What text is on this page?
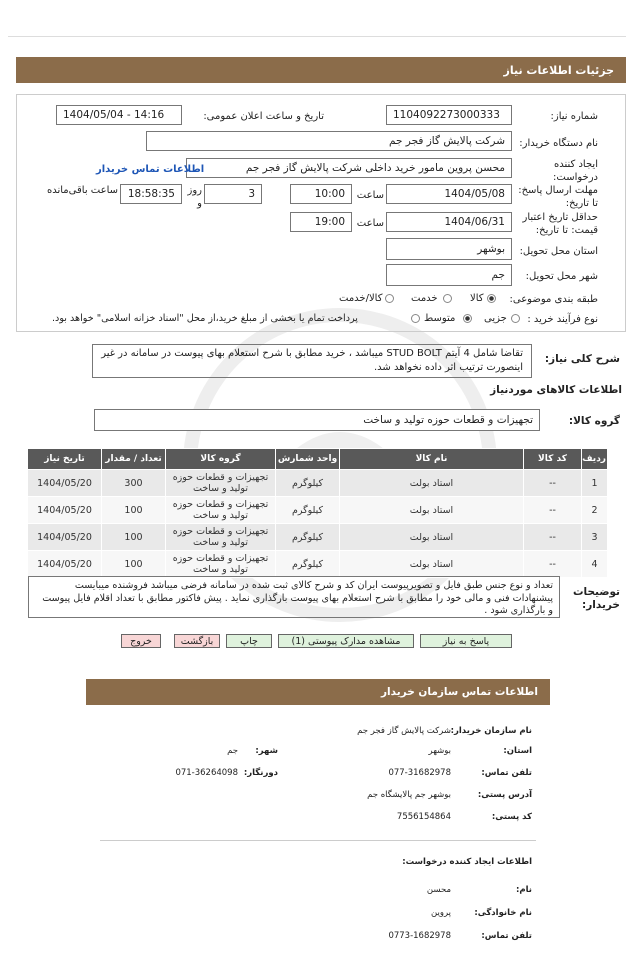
جزئیات اطلاعات نیاز
شماره نیاز:
1104092273000333
تاریخ و ساعت اعلان عمومی:
1404/05/04 - 14:16
نام دستگاه خریدار:
شرکت پالایش گاز فجر جم
ایجاد کننده درخواست:
محسن پروین مامور خرید داخلی شرکت پالایش گاز فجر جم
اطلاعات تماس خریدار
مهلت ارسال پاسخ: تا تاریخ:
1404/05/08
ساعت
10:00
3
روز و
18:58:35
ساعت باقی‌مانده
حداقل تاریخ اعتبار قیمت: تا تاریخ:
1404/06/31
ساعت
19:00
استان محل تحویل:
بوشهر
شهر محل تحویل:
جم
طبقه بندی موضوعی:
کالا
خدمت
کالا/خدمت
نوع فرآیند خرید :
جزیی
متوسط
پرداخت تمام یا بخشی از مبلغ خرید،از محل "اسناد خزانه اسلامی" خواهد بود.
شرح کلی نیاز:
تقاضا شامل 4 آیتم STUD BOLT میباشد ، خرید مطابق با شرح استعلام بهای پیوست در سامانه در غیر اینصورت ترتیب اثر داده نخواهد شد.
اطلاعات کالاهای موردنیاز
گروه کالا:
تجهیزات و قطعات حوزه تولید و ساخت
ردیف	کد کالا	نام کالا	واحد شمارش	گروه کالا	تعداد / مقدار	تاریخ نیاز
1	--	استاد بولت	کیلوگرم	تجهیزات و قطعات حوزه تولید و ساخت	300	1404/05/20
2	--	استاد بولت	کیلوگرم	تجهیزات و قطعات حوزه تولید و ساخت	100	1404/05/20
3	--	استاد بولت	کیلوگرم	تجهیزات و قطعات حوزه تولید و ساخت	100	1404/05/20
4	--	استاد بولت	کیلوگرم	تجهیزات و قطعات حوزه تولید و ساخت	100	1404/05/20
توضیحات خریدار:
تعداد و نوع جنس طبق فایل و تصویرپیوست ایران کد و شرح کالای ثبت شده در سامانه فرضی میباشد فروشنده میبایست پیشنهادات فنی و مالی خود را مطابق با شرح استعلام بهای پیوست بارگذاری نماید . پیش فاکتور مطابق با تعداد اقلام فایل پیوست و بارگذاری شود .
پاسخ به نیاز
مشاهده مدارک پیوستی (1)
چاپ
بازگشت
خروج
اطلاعات تماس سازمان خریدار
نام سازمان خریدار:
شرکت پالایش گاز فجر جم
استان:
بوشهر
شهر:
جم
تلفن تماس:
077-31682978
دورنگار:
071-36264098
آدرس پستی:
بوشهر جم پالایشگاه جم
کد پستی:
7556154864
اطلاعات ایجاد کننده درخواست:
نام:
محسن
نام خانوادگی:
پروین
تلفن تماس:
0773-1682978
